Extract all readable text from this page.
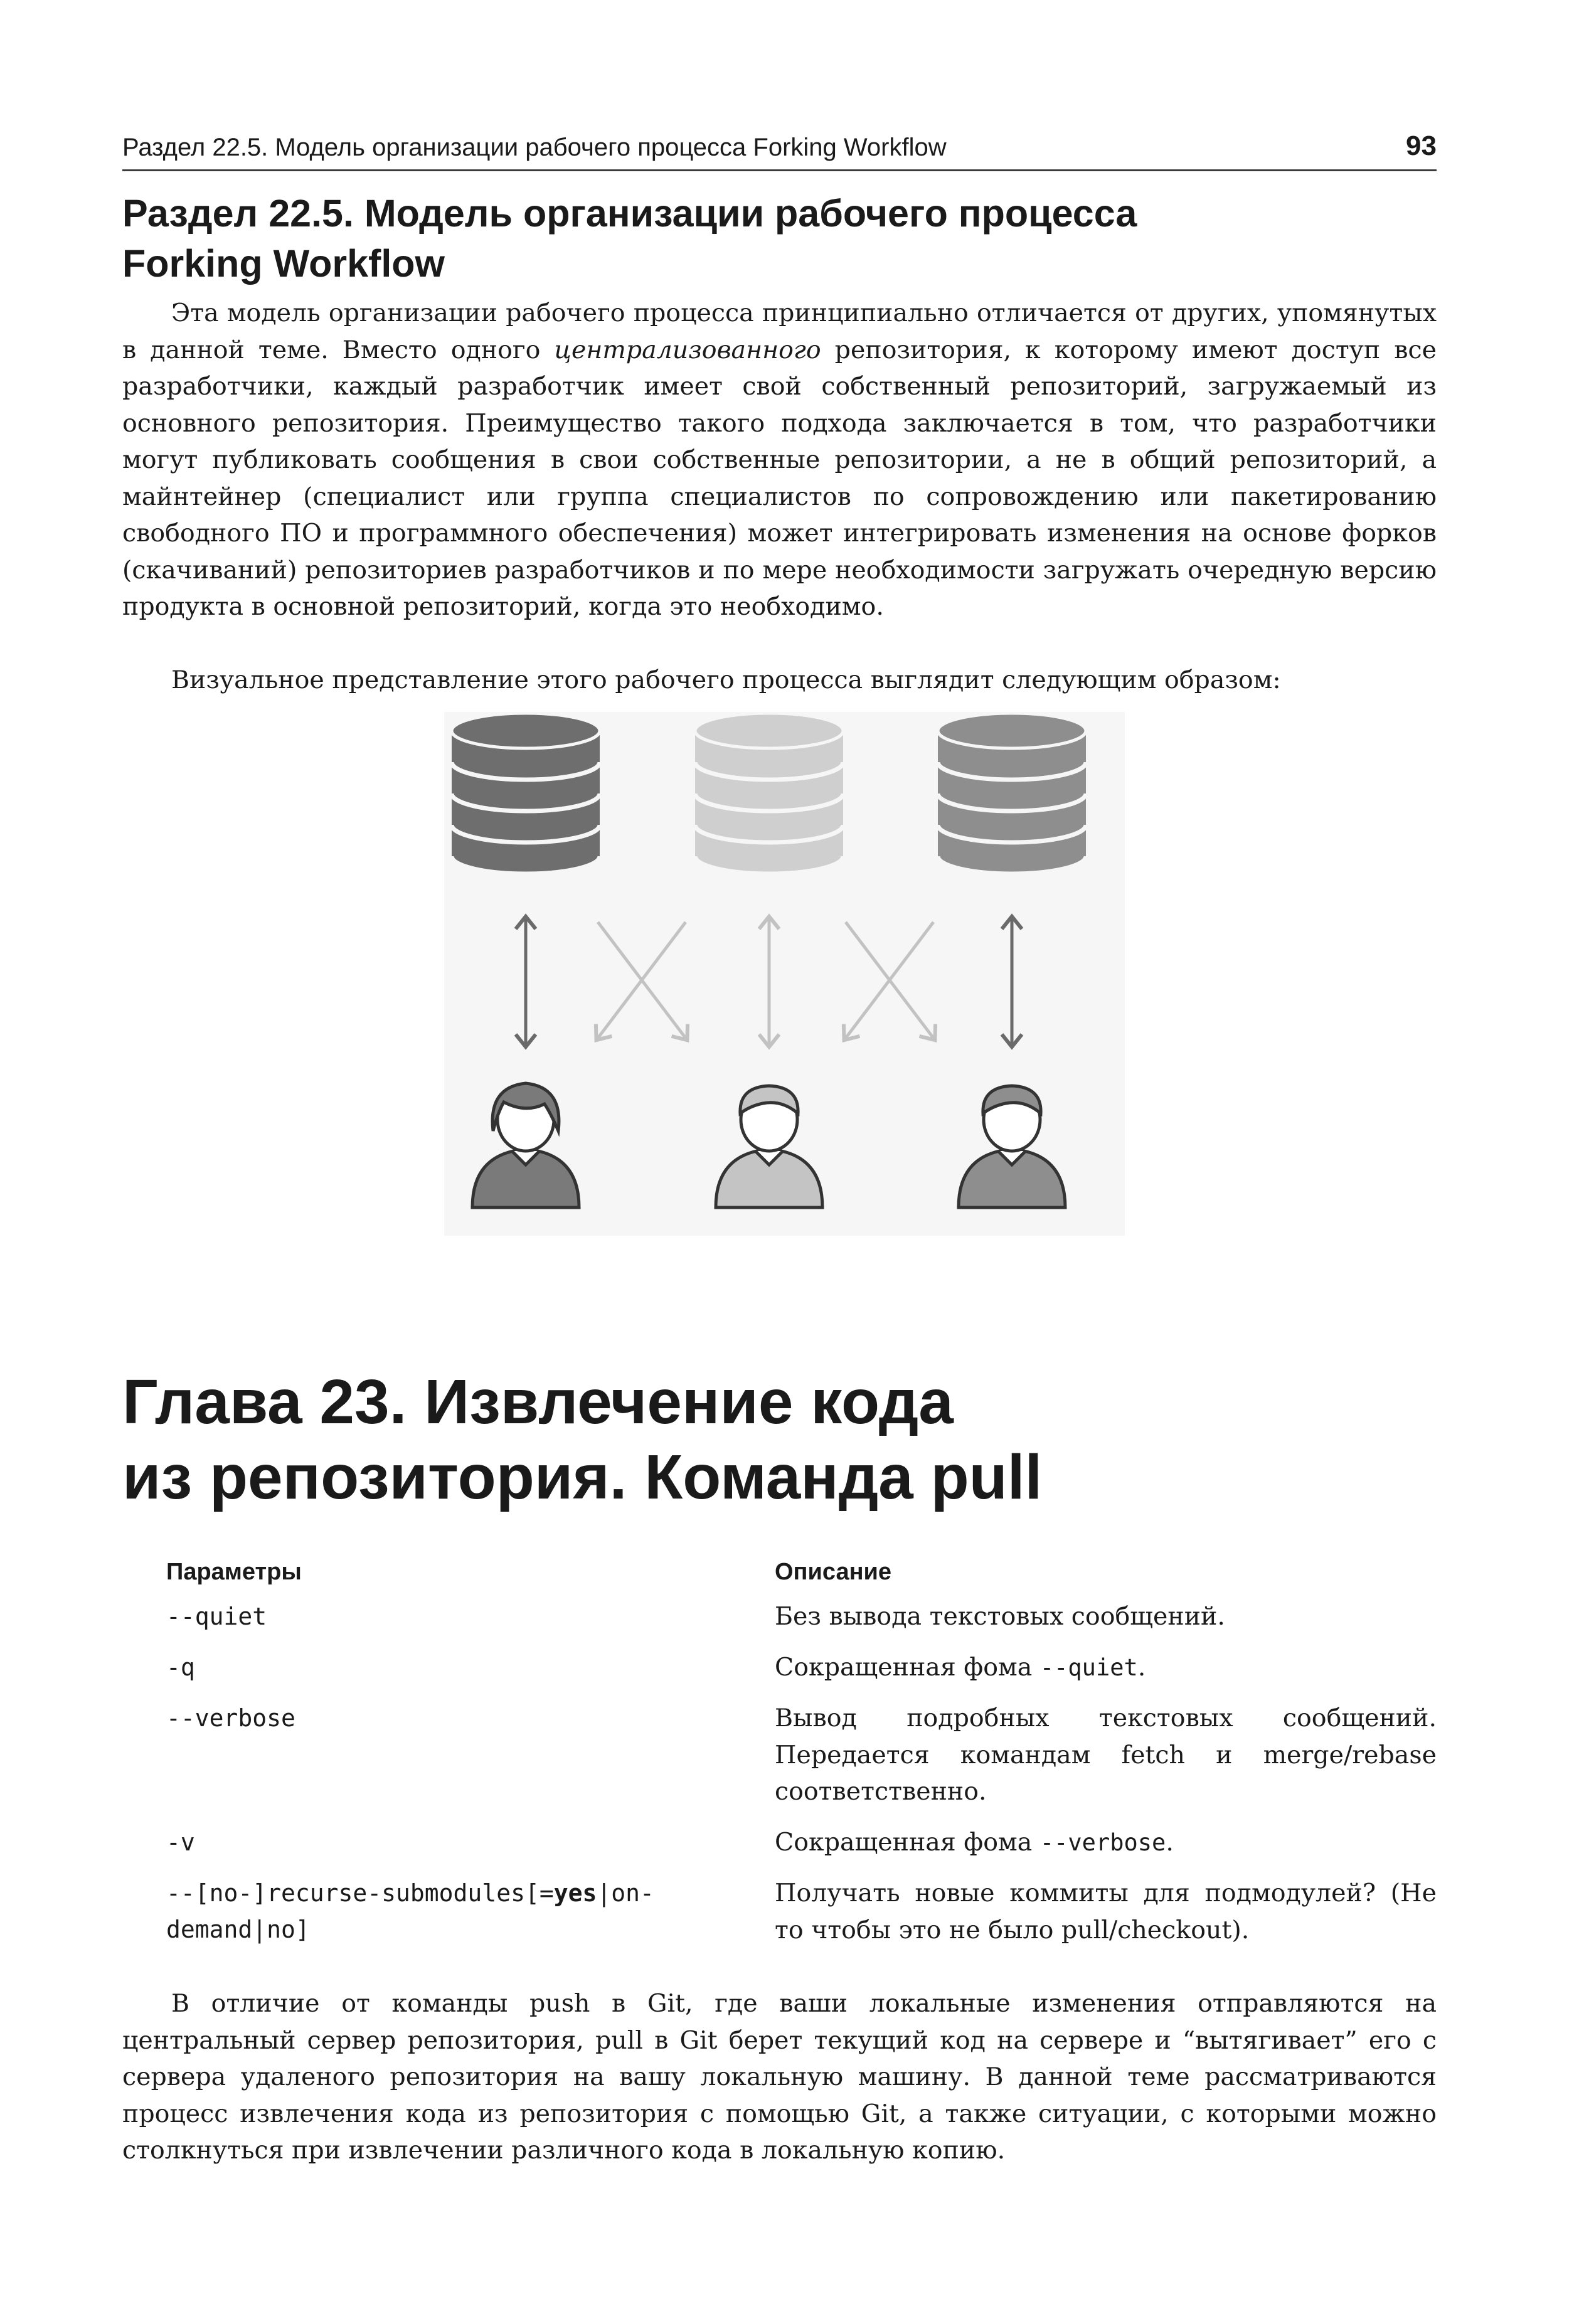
Раздел 22.5. Модель организации рабочего процесса Forking Workflow	93
Раздел 22.5. Модель организации рабочего процесса
Forking Workflow

Эта модель организации рабочего процесса принципиально отличается от других, упомянутых в данной теме. Вместо одного централизованного репозитория, к которому имеют доступ все разработчики, каждый разработчик имеет свой собственный репозиторий, загружаемый из основного репозитория. Преимущество такого подхода заключается в том, что разработчики могут публиковать сообщения в свои собственные репозитории, а не в общий репозиторий, а майнтейнер (специалист или группа специалистов по сопровождению или пакетированию свободного ПО и программного обеспечения) может интегрировать изменения на основе форков (скачиваний) репозиториев разработчиков и по мере необходимости загружать очередную версию продукта в основной репозиторий, когда это необходимо.

Визуальное представление этого рабочего процесса выглядит следующим образом:

Глава 23. Извлечение кода
из репозитория. Команда pull
Параметры	Описание
--quiet	Без вывода текстовых сообщений.
-q	Сокращенная фома --quiet.
--verbose	Вывод подробных текстовых сообщений. Передается командам fetch и merge/rebase соответственно.
-v	Сокращенная фома --verbose.
--[no-]recurse-submodules[=yes|on-demand|no]	Получать новые коммиты для подмодулей? (Не то чтобы это не было pull/checkout).

В отличие от команды push в Git, где ваши локальные изменения отправляются на центральный сервер репозитория, pull в Git берет текущий код на сервере и “вытягивает” его с сервера удаленого репозитория на вашу локальную машину. В данной теме рассматриваются процесс извлечения кода из репозитория с помощью Git, а также ситуации, с которыми можно столкнуться при извлечении различного кода в локальную копию.
